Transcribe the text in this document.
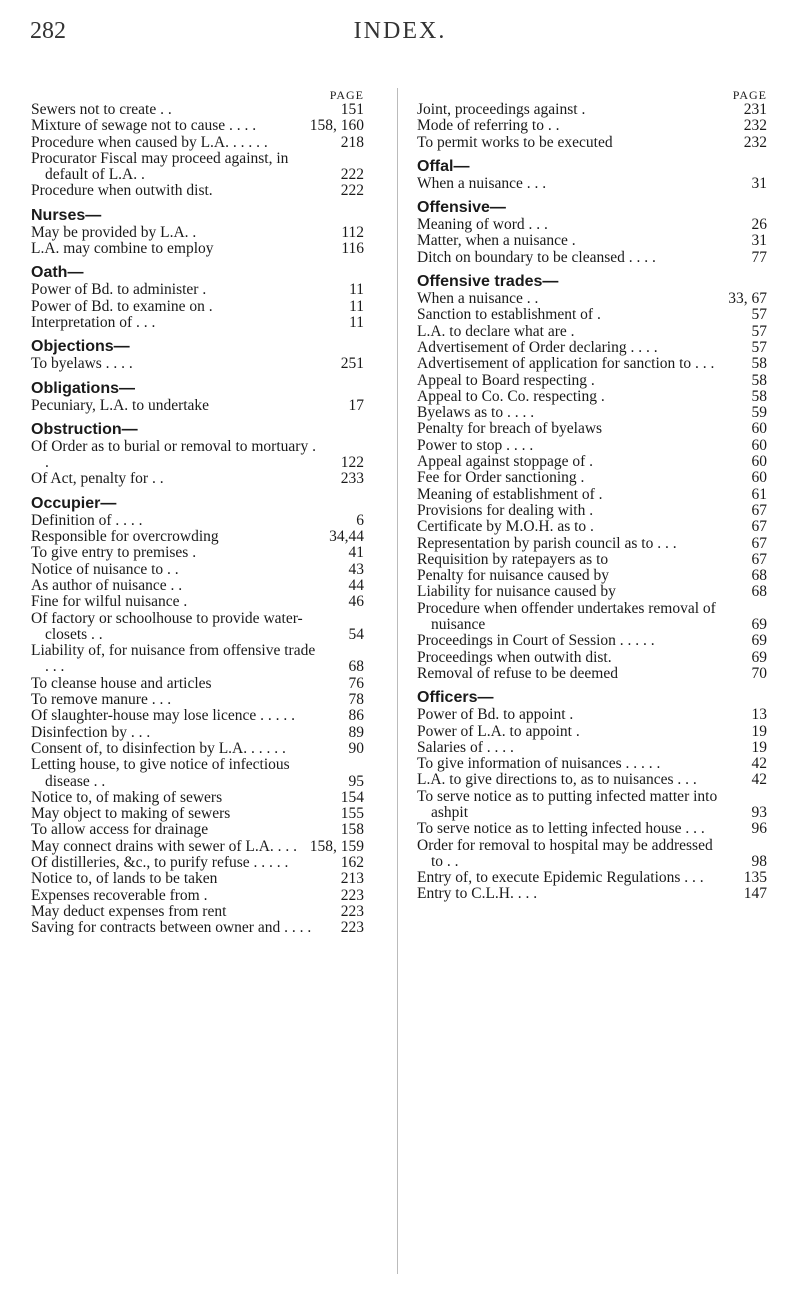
282	INDEX.
PAGE
Sewers not to create . .	151
Mixture of sewage not to cause . . . .	158, 160
Procedure when caused by L.A. . . . . .	218
Procurator Fiscal may proceed against, in default of L.A. .	222
Procedure when outwith dist.	222
Nurses—
May be provided by L.A. .	112
L.A. may combine to employ	116
Oath—
Power of Bd. to administer .	11
Power of Bd. to examine on .	11
Interpretation of . . .	11
Objections—
To byelaws . . . .	251
Obligations—
Pecuniary, L.A. to undertake	17
Obstruction—
Of Order as to burial or removal to mortuary . .	122
Of Act, penalty for . .	233
Occupier—
Definition of . . . .	6
Responsible for overcrowding	34,44
To give entry to premises .	41
Notice of nuisance to . .	43
As author of nuisance . .	44
Fine for wilful nuisance .	46
Of factory or schoolhouse to provide water-closets . .	54
Liability of, for nuisance from offensive trade . . .	68
To cleanse house and articles	76
To remove manure . . .	78
Of slaughter-house may lose licence . . . . .	86
Disinfection by . . .	89
Consent of, to disinfection by L.A. . . . . .	90
Letting house, to give notice of infectious disease . .	95
Notice to, of making of sewers	154
May object to making of sewers	155
To allow access for drainage	158
May connect drains with sewer of L.A. . . . 158, 159
Of distilleries, &c., to purify refuse . . . . .	162
Notice to, of lands to be taken	213
Expenses recoverable from .	223
May deduct expenses from rent	223
Saving for contracts between owner and . . . .	223
PAGE
Joint, proceedings against .	231
Mode of referring to . .	232
To permit works to be executed	232
Offal—
When a nuisance . . .	31
Offensive—
Meaning of word . . .	26
Matter, when a nuisance .	31
Ditch on boundary to be cleansed . . . .	77
Offensive trades—
When a nuisance . .	33, 67
Sanction to establishment of .	57
L.A. to declare what are .	57
Advertisement of Order declaring . . . .	57
Advertisement of application for sanction to . . .	58
Appeal to Board respecting .	58
Appeal to Co. Co. respecting .	58
Byelaws as to . . . .	59
Penalty for breach of byelaws	60
Power to stop . . . .	60
Appeal against stoppage of .	60
Fee for Order sanctioning .	60
Meaning of establishment of .	61
Provisions for dealing with .	67
Certificate by M.O.H. as to .	67
Representation by parish council as to . . .	67
Requisition by ratepayers as to	67
Penalty for nuisance caused by	68
Liability for nuisance caused by	68
Procedure when offender undertakes removal of nuisance	69
Proceedings in Court of Session . . . . .	69
Proceedings when outwith dist.	69
Removal of refuse to be deemed	70
Officers—
Power of Bd. to appoint .	13
Power of L.A. to appoint .	19
Salaries of . . . .	19
To give information of nuisances . . . . .	42
L.A. to give directions to, as to nuisances . . .	42
To serve notice as to putting infected matter into ashpit	93
To serve notice as to letting infected house . . .	96
Order for removal to hospital may be addressed to . .	98
Entry of, to execute Epidemic Regulations . . .	135
Entry to C.L.H. . . .	147
